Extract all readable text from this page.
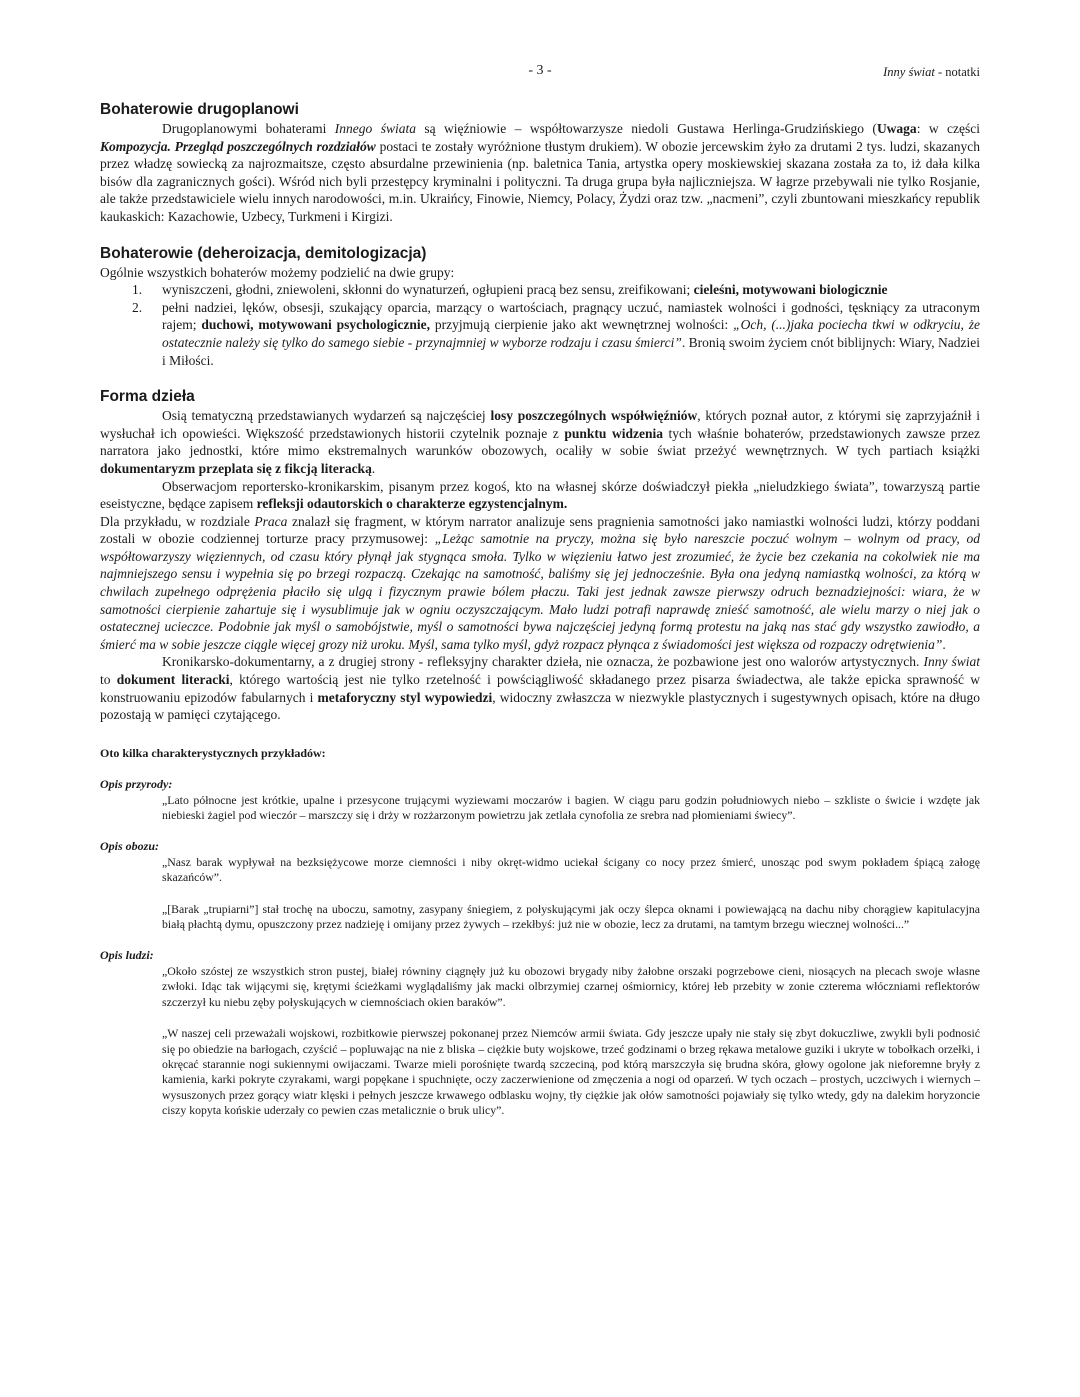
- 3 -	Inny świat - notatki
Bohaterowie drugoplanowi

Drugoplanowymi bohaterami Innego świata są więźniowie – współtowarzysze niedoli Gustawa Herlinga-Grudzińskiego (Uwaga: w części Kompozycja. Przegląd poszczególnych rozdziałów postaci te zostały wyróżnione tłustym drukiem). W obozie jercewskim żyło za drutami 2 tys. ludzi, skazanych przez władzę sowiecką za najrozmaitsze, często absurdalne przewinienia (np. baletnica Tania, artystka opery moskiewskiej skazana została za to, iż dała kilka bisów dla zagranicznych gości). Wśród nich byli przestępcy kryminalni i polityczni. Ta druga grupa była najliczniejsza. W łagrze przebywali nie tylko Rosjanie, ale także przedstawiciele wielu innych narodowości, m.in. Ukraińcy, Finowie, Niemcy, Polacy, Żydzi oraz tzw. „nacmeni”, czyli zbuntowani mieszkańcy republik kaukaskich: Kazachowie, Uzbecy, Turkmeni i Kirgizi.

Bohaterowie (deheroizacja, demitologizacja)

Ogólnie wszystkich bohaterów możemy podzielić na dwie grupy:

1. wyniszczeni, głodni, zniewoleni, skłonni do wynaturzeń, ogłupieni pracą bez sensu, zreifikowani; cieleśni, motywowani biologicznie
2. pełni nadziei, lęków, obsesji, szukający oparcia, marzący o wartościach, pragnący uczuć, namiastek wolności i godności, tęskniący za utraconym rajem; duchowi, motywowani psychologicznie, przyjmują cierpienie jako akt wewnętrznej wolności: „Och, (...)jaka pociecha tkwi w odkryciu, że ostatecznie należy się tylko do samego siebie - przynajmniej w wyborze rodzaju i czasu śmierci”. Bronią swoim życiem cnót biblijnych: Wiary, Nadziei i Miłości.
Forma dzieła

Osią tematyczną przedstawianych wydarzeń są najczęściej losy poszczególnych współwięźniów, których poznał autor, z którymi się zaprzyjaźnił i wysłuchał ich opowieści. Większość przedstawionych historii czytelnik poznaje z punktu widzenia tych właśnie bohaterów, przedstawionych zawsze przez narratora jako jednostki, które mimo ekstremalnych warunków obozowych, ocaliły w sobie świat przeżyć wewnętrznych. W tych partiach książki dokumentaryzm przeplata się z fikcją literacką.

Obserwacjom reportersko-kronikarskim, pisanym przez kogoś, kto na własnej skórze doświadczył piekła „nieludzkiego świata”, towarzyszą partie eseistyczne, będące zapisem refleksji odautorskich o charakterze egzystencjalnym.

Dla przykładu, w rozdziale Praca znalazł się fragment, w którym narrator analizuje sens pragnienia samotności jako namiastki wolności ludzi, którzy poddani zostali w obozie codziennej torturze pracy przymusowej: „Leżąc samotnie na pryczy, można się było nareszcie poczuć wolnym – wolnym od pracy, od współtowarzyszy więziennych, od czasu który płynął jak stygnąca smoła. Tylko w więzieniu łatwo jest zrozumieć, że życie bez czekania na cokolwiek nie ma najmniejszego sensu i wypełnia się po brzegi rozpaczą. Czekając na samotność, baliśmy się jej jednocześnie. Była ona jedyną namiastką wolności, za którą w chwilach zupełnego odprężenia płaciło się ulgą i fizycznym prawie bólem płaczu. Taki jest jednak zawsze pierwszy odruch beznadziejności: wiara, że w samotności cierpienie zahartuje się i wysublimuje jak w ogniu oczyszczającym. Mało ludzi potrafi naprawdę znieść samotność, ale wielu marzy o niej jak o ostatecznej ucieczce. Podobnie jak myśl o samobójstwie, myśl o samotności bywa najczęściej jedyną formą protestu na jaką nas stać gdy wszystko zawiodło, a śmierć ma w sobie jeszcze ciągle więcej grozy niż uroku. Myśl, sama tylko myśl, gdyż rozpacz płynąca z świadomości jest większa od rozpaczy odrętwienia”.

Kronikarsko-dokumentarny, a z drugiej strony - refleksyjny charakter dzieła, nie oznacza, że pozbawione jest ono walorów artystycznych. Inny świat to dokument literacki, którego wartością jest nie tylko rzetelność i powściągliwość składanego przez pisarza świadectwa, ale także epicka sprawność w konstruowaniu epizodów fabularnych i metaforyczny styl wypowiedzi, widoczny zwłaszcza w niezwykle plastycznych i sugestywnych opisach, które na długo pozostają w pamięci czytającego.

Oto kilka charakterystycznych przykładów:

Opis przyrody:

„Lato północne jest krótkie, upalne i przesycone trującymi wyziewami moczarów i bagien. W ciągu paru godzin południowych niebo – szkliste o świcie i wzdęte jak niebieski żagiel pod wieczór – marszczy się i drży w rozżarzonym powietrzu jak zetlała cynofolia ze srebra nad płomieniami świecy”.

Opis obozu:

„Nasz barak wypływał na bezksiężycowe morze ciemności i niby okręt-widmo uciekał ścigany co nocy przez śmierć, unosząc pod swym pokładem śpiącą załogę skazańców”.

„[Barak „trupiarni”] stał trochę na uboczu, samotny, zasypany śniegiem, z połyskującymi jak oczy ślepca oknami i powiewającą na dachu niby chorągiew kapitulacyjna białą płachtą dymu, opuszczony przez nadzieję i omijany przez żywych – rzekłbyś: już nie w obozie, lecz za drutami, na tamtym brzegu wiecznej wolności...”

Opis ludzi:

„Około szóstej ze wszystkich stron pustej, białej równiny ciągnęły już ku obozowi brygady niby żałobne orszaki pogrzebowe cieni, niosących na plecach swoje własne zwłoki. Idąc tak wijącymi się, krętymi ścieżkami wyglądaliśmy jak macki olbrzymiej czarnej ośmiornicy, której łeb przebity w zonie czterema włóczniami reflektorów szczerzył ku niebu zęby połyskujących w ciemnościach okien baraków”.

„W naszej celi przeważali wojskowi, rozbitkowie pierwszej pokonanej przez Niemców armii świata. Gdy jeszcze upały nie stały się zbyt dokuczliwe, zwykli byli podnosić się po obiedzie na barłogach, czyścić – popluwając na nie z bliska – ciężkie buty wojskowe, trzeć godzinami o brzeg rękawa metalowe guziki i ukryte w tobołkach orzełki, i okręcać starannie nogi sukiennymi owijaczami. Twarze mieli porośnięte twardą szczeciną, pod którą marszczyła się brudna skóra, głowy ogolone jak nieforemne bryły z kamienia, karki pokryte czyrakami, wargi popękane i spuchnięte, oczy zaczerwienione od zmęczenia a nogi od oparzeń. W tych oczach – prostych, uczciwych i wiernych – wysuszonych przez gorący wiatr klęski i pełnych jeszcze krwawego odblasku wojny, tły ciężkie jak ołów samotności pojawiały się tylko wtedy, gdy na dalekim horyzoncie ciszy kopyta końskie uderzały co pewien czas metalicznie o bruk ulicy”.
